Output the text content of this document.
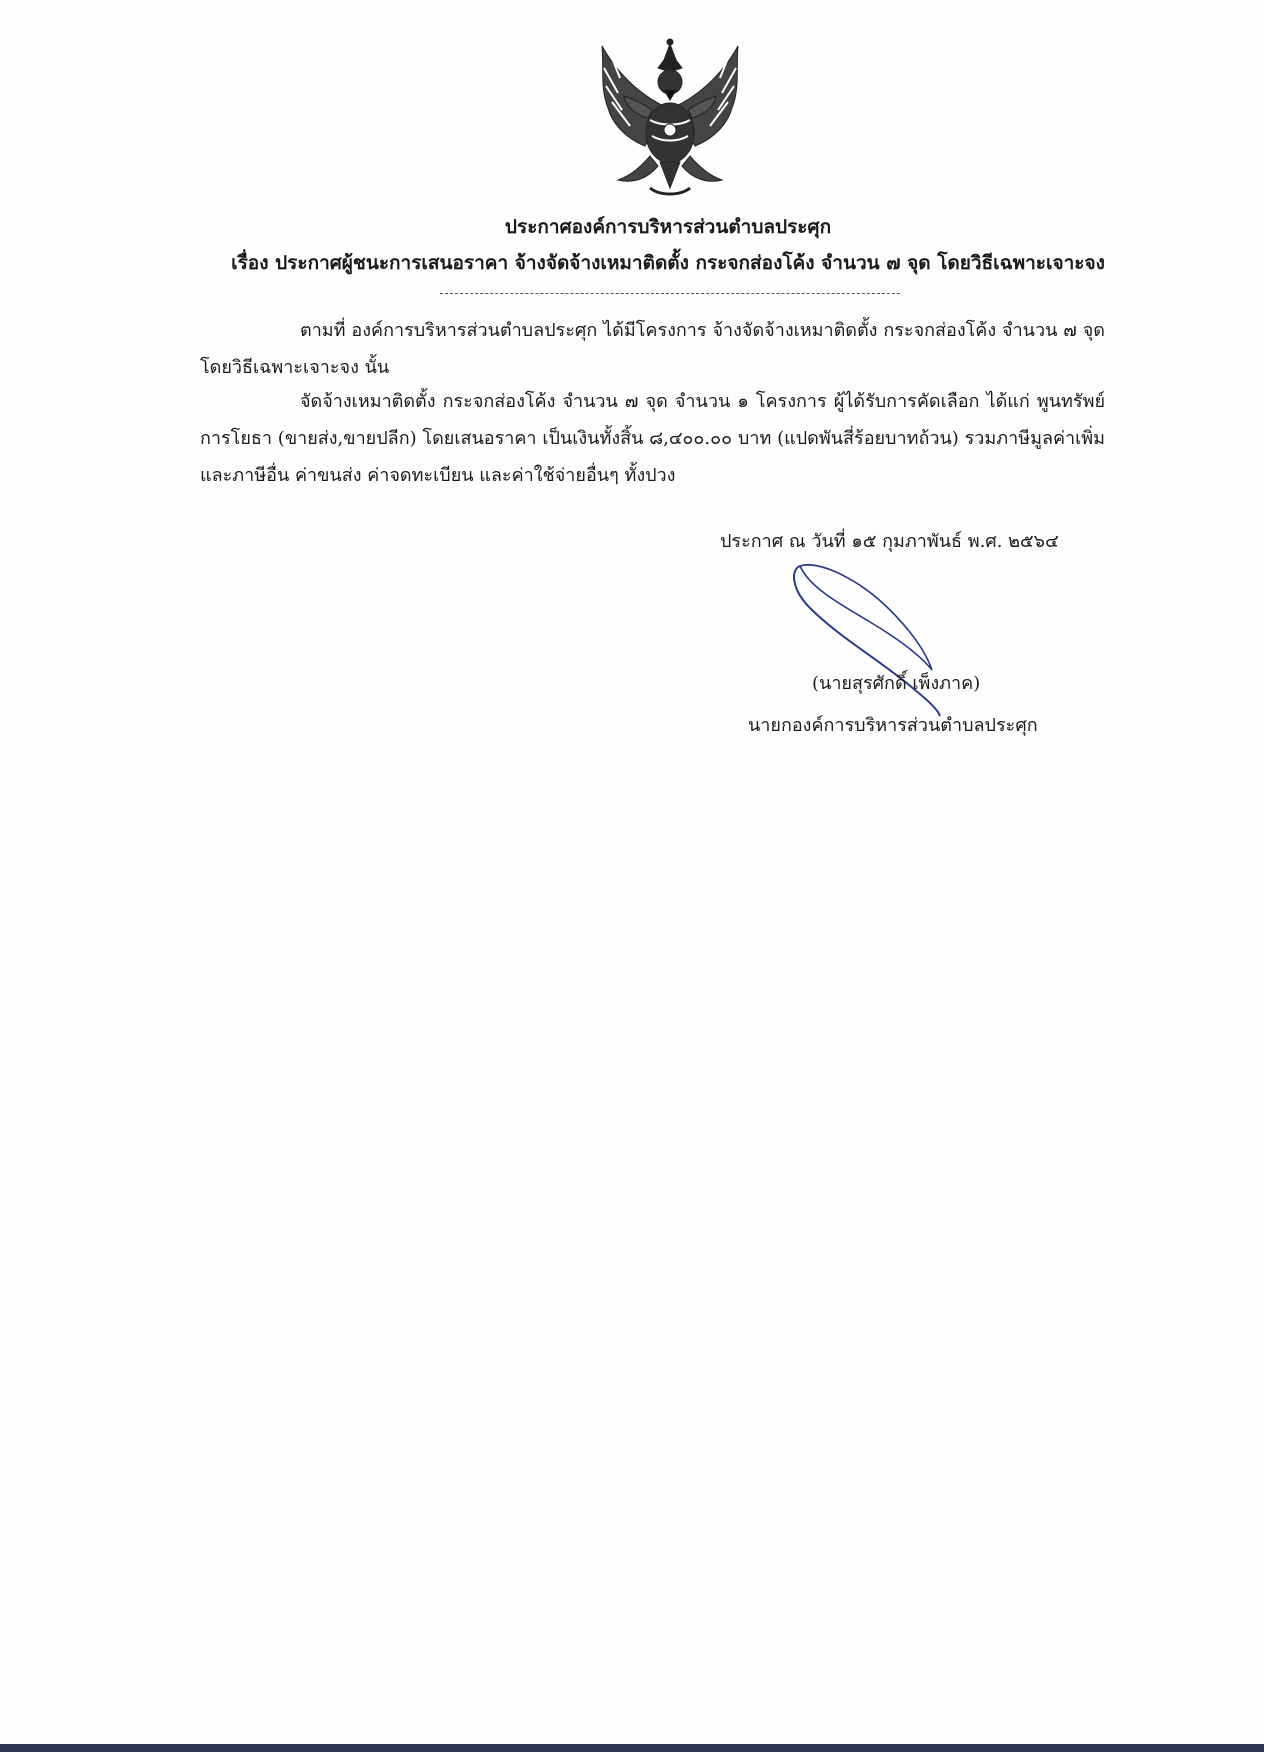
ประกาศองค์การบริหารส่วนตำบลประศุก
เรื่อง ประกาศผู้ชนะการเสนอราคา จ้างจัดจ้างเหมาติดตั้ง กระจกส่องโค้ง จำนวน ๗ จุด โดยวิธีเฉพาะเจาะจง
ตามที่ องค์การบริหารส่วนตำบลประศุก ได้มีโครงการ จ้างจัดจ้างเหมาติดตั้ง กระจกส่องโค้ง จำนวน ๗ จุด โดยวิธีเฉพาะเจาะจง นั้น
จัดจ้างเหมาติดตั้ง กระจกส่องโค้ง จำนวน ๗ จุด จำนวน ๑ โครงการ ผู้ได้รับการคัดเลือก ได้แก่ พูนทรัพย์ การโยธา (ขายส่ง,ขายปลีก) โดยเสนอราคา เป็นเงินทั้งสิ้น ๘,๔๐๐.๐๐ บาท (แปดพันสี่ร้อยบาทถ้วน) รวมภาษีมูลค่าเพิ่มและภาษีอื่น ค่าขนส่ง ค่าจดทะเบียน และค่าใช้จ่ายอื่นๆ ทั้งปวง
ประกาศ ณ วันที่ ๑๕ กุมภาพันธ์ พ.ศ. ๒๕๖๔
(นายสุรศักดิ์ เพ็งภาค)
นายกองค์การบริหารส่วนตำบลประศุก
